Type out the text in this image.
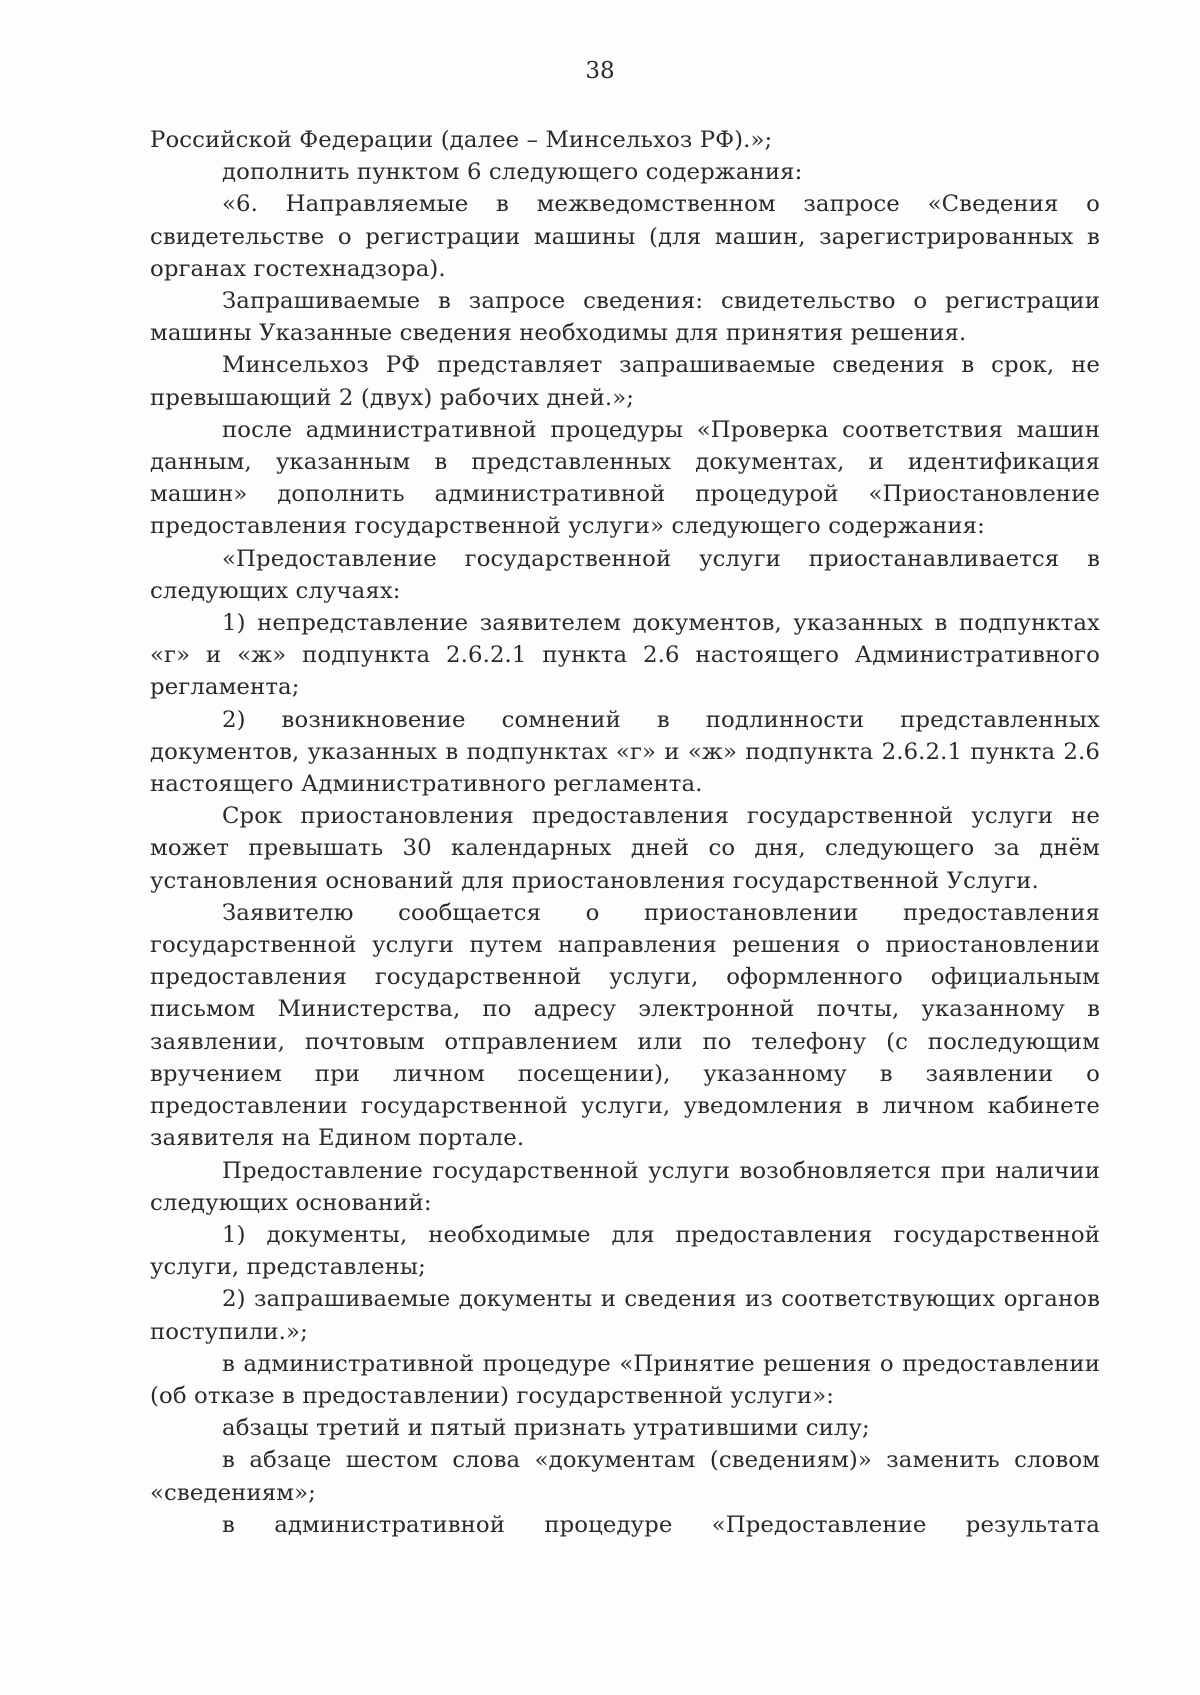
38

Российской Федерации (далее – Минсельхоз РФ).»;

дополнить пунктом 6 следующего содержания:

«6. Направляемые в межведомственном запросе «Сведения о свидетельстве о регистрации машины (для машин, зарегистрированных в органах гостехнадзора).

Запрашиваемые в запросе сведения: свидетельство о регистрации машины Указанные сведения необходимы для принятия решения.

Минсельхоз РФ представляет запрашиваемые сведения в срок, не превышающий 2 (двух) рабочих дней.»;

после административной процедуры «Проверка соответствия машин данным, указанным в представленных документах, и идентификация машин» дополнить административной процедурой «Приостановление предоставления государственной услуги» следующего содержания:

«Предоставление государственной услуги приостанавливается в следующих случаях:

1) непредставление заявителем документов, указанных в подпунктах «г» и «ж» подпункта 2.6.2.1 пункта 2.6 настоящего Административного регламента;

2) возникновение сомнений в подлинности представленных документов, указанных в подпунктах «г» и «ж» подпункта 2.6.2.1 пункта 2.6 настоящего Административного регламента.

Срок приостановления предоставления государственной услуги не может превышать 30 календарных дней со дня, следующего за днём установления оснований для приостановления государственной Услуги.

Заявителю сообщается о приостановлении предоставления государственной услуги путем направления решения о приостановлении предоставления государственной услуги, оформленного официальным письмом Министерства, по адресу электронной почты, указанному в заявлении, почтовым отправлением или по телефону (с последующим вручением при личном посещении), указанному в заявлении о предоставлении государственной услуги, уведомления в личном кабинете заявителя на Едином портале.

Предоставление государственной услуги возобновляется при наличии следующих оснований:

1) документы, необходимые для предоставления государственной услуги, представлены;

2) запрашиваемые документы и сведения из соответствующих органов поступили.»;

в административной процедуре «Принятие решения о предоставлении (об отказе в предоставлении) государственной услуги»:

абзацы третий и пятый признать утратившими силу;

в абзаце шестом слова «документам (сведениям)» заменить словом «сведениям»;

в административной процедуре «Предоставление результата
